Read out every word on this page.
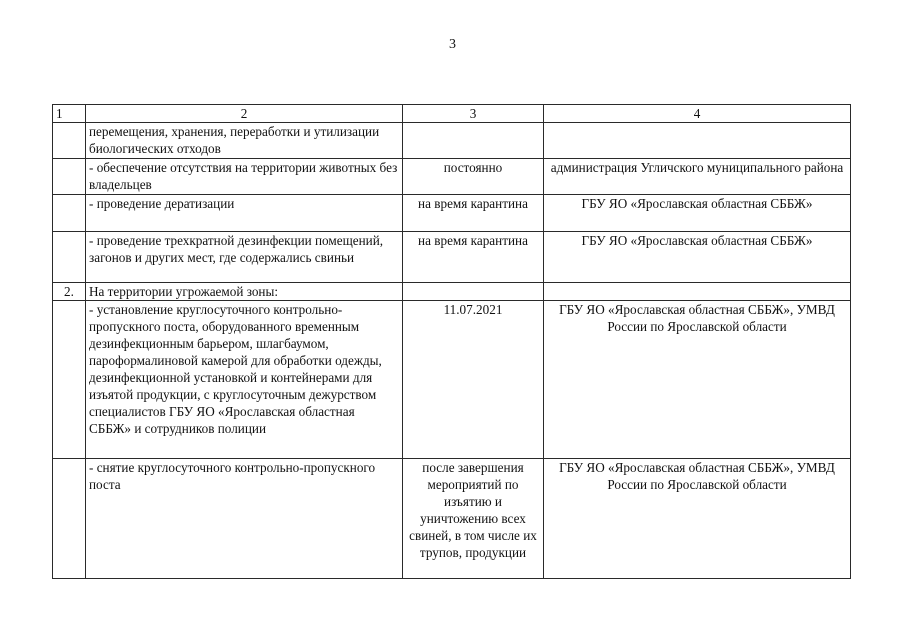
3
1	2	3	4
	перемещения, хранения, переработки и утилизации биологических отходов		
	- обеспечение отсутствия на территории животных без владельцев	постоянно	администрация Угличского муниципального района
	- проведение дератизации	на время карантина	ГБУ ЯО «Ярославская областная СББЖ»
	- проведение трехкратной дезинфекции помещений, загонов и других мест, где содержались свиньи	на время карантина	ГБУ ЯО «Ярославская областная СББЖ»
2.	На территории угрожаемой зоны:		
	- установление круглосуточного контрольно-пропускного поста, оборудованного временным дезинфекционным барьером, шлагбаумом, пароформалиновой камерой для обработки одежды, дезинфекционной установкой и контейнерами для изъятой продукции, с круглосуточным дежурством специалистов ГБУ ЯО «Ярославская областная СББЖ» и сотрудников полиции	11.07.2021	ГБУ ЯО «Ярославская областная СББЖ», УМВД России по Ярославской области
	- снятие круглосуточного контрольно-пропускного поста	после завершения мероприятий по изъятию и уничтожению всех свиней, в том числе их трупов, продукции	ГБУ ЯО «Ярославская областная СББЖ», УМВД России по Ярославской области
